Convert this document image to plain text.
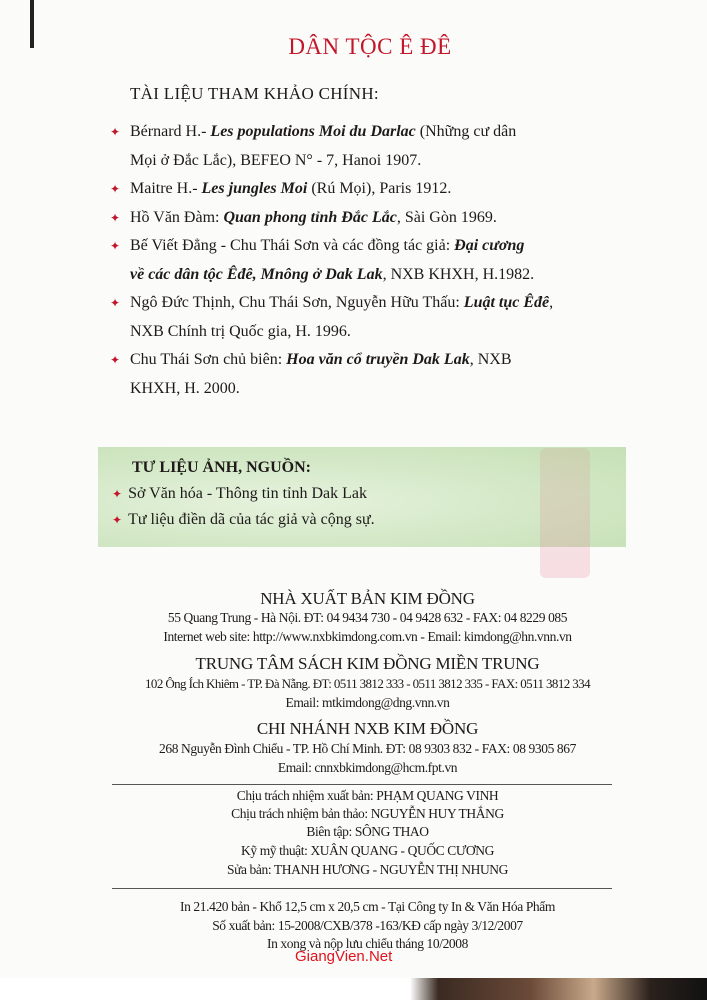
DÂN TỘC Ê ĐÊ
TÀI LIỆU THAM KHẢO CHÍNH:
✦ Bérnard H.- Les populations Moi du Darlac (Những cư dân
Mọi ở Đắc Lắc), BEFEO N° - 7, Hanoi 1907.
✦ Maitre H.- Les jungles Moi (Rú Mọi), Paris 1912.
✦ Hồ Văn Đàm: Quan phong tỉnh Đắc Lắc, Sài Gòn 1969.
✦ Bế Viết Đẳng - Chu Thái Sơn và các đồng tác giả: Đại cương
về các dân tộc Êđê, Mnông ở Dak Lak, NXB KHXH, H.1982.
✦ Ngô Đức Thịnh, Chu Thái Sơn, Nguyễn Hữu Thấu: Luật tục Êđê,
NXB Chính trị Quốc gia, H. 1996.
✦ Chu Thái Sơn chủ biên: Hoa văn cổ truyền Dak Lak, NXB
KHXH, H. 2000.
TƯ LIỆU ẢNH, NGUỒN:
✦ Sở Văn hóa - Thông tin tỉnh Dak Lak
✦ Tư liệu điền dã của tác giả và cộng sự.
NHÀ XUẤT BẢN KIM ĐỒNG
55 Quang Trung - Hà Nội. ĐT: 04 9434 730 - 04 9428 632 - FAX: 04 8229 085
Internet web site: http://www.nxbkimdong.com.vn - Email: kimdong@hn.vnn.vn
TRUNG TÂM SÁCH KIM ĐỒNG MIỀN TRUNG
102 Ông Ích Khiêm - TP. Đà Nẵng. ĐT: 0511 3812 333 - 0511 3812 335 - FAX: 0511 3812 334
Email: mtkimdong@dng.vnn.vn
CHI NHÁNH NXB KIM ĐỒNG
268 Nguyễn Đình Chiểu - TP. Hồ Chí Minh. ĐT: 08 9303 832 - FAX: 08 9305 867
Email: cnnxbkimdong@hcm.fpt.vn
Chịu trách nhiệm xuất bản: PHẠM QUANG VINH
Chịu trách nhiệm bản thảo: NGUYỄN HUY THẮNG
Biên tập: SÔNG THAO
Kỹ mỹ thuật: XUÂN QUANG - QUỐC CƯƠNG
Sửa bản: THANH HƯƠNG - NGUYỄN THỊ NHUNG
In 21.420 bản - Khổ 12,5 cm x 20,5 cm - Tại Công ty In & Văn Hóa Phẩm
Số xuất bản: 15-2008/CXB/378 -163/KĐ cấp ngày 3/12/2007
In xong và nộp lưu chiểu tháng 10/2008
GiangVien.Net
